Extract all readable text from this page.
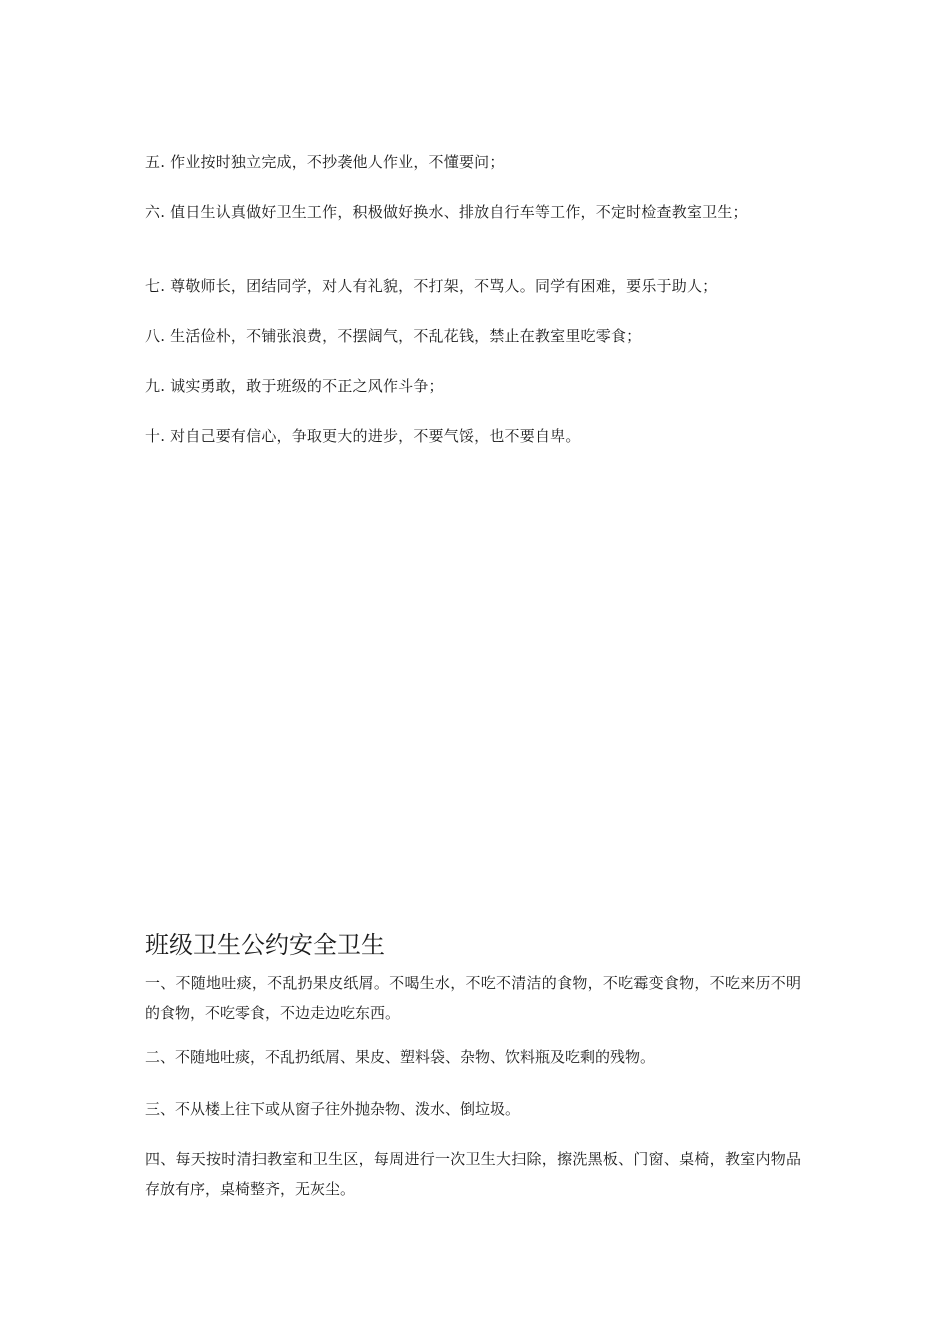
五. 作业按时独立完成，不抄袭他人作业，不懂要问；
六. 值日生认真做好卫生工作，积极做好换水、排放自行车等工作，不定时检查教室卫生；
七. 尊敬师长，团结同学，对人有礼貌，不打架，不骂人。同学有困难，要乐于助人；
八. 生活俭朴，不铺张浪费，不摆阔气，不乱花钱，禁止在教室里吃零食；
九. 诚实勇敢，敢于班级的不正之风作斗争；
十. 对自己要有信心，争取更大的进步，不要气馁，也不要自卑。
班级卫生公约安全卫生
一、不随地吐痰，不乱扔果皮纸屑。不喝生水，不吃不清洁的食物，不吃霉变食物，不吃来历不明的食物，不吃零食，不边走边吃东西。
二、不随地吐痰，不乱扔纸屑、果皮、塑料袋、杂物、饮料瓶及吃剩的残物。
三、不从楼上往下或从窗子往外抛杂物、泼水、倒垃圾。
四、每天按时清扫教室和卫生区，每周进行一次卫生大扫除，擦洗黑板、门窗、桌椅，教室内物品存放有序，桌椅整齐，无灰尘。
